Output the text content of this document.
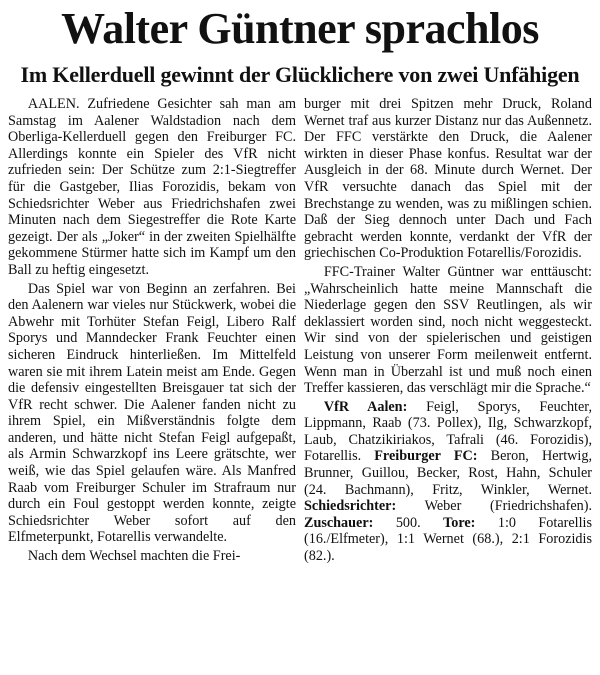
Walter Güntner sprachlos
Im Kellerduell gewinnt der Glücklichere von zwei Unfähigen

AALEN. Zufriedene Gesichter sah man am Samstag im Aalener Waldstadion nach dem Oberliga-Kellerduell gegen den Freiburger FC. Allerdings konnte ein Spieler des VfR nicht zufrieden sein: Der Schütze zum 2:1-Siegtreffer für die Gastgeber, Ilias Forozidis, bekam von Schiedsrichter Weber aus Friedrichshafen zwei Minuten nach dem Siegestreffer die Rote Karte gezeigt. Der als „Joker“ in der zweiten Spielhälfte gekommene Stürmer hatte sich im Kampf um den Ball zu heftig eingesetzt.

Das Spiel war von Beginn an zerfahren. Bei den Aalenern war vieles nur Stückwerk, wobei die Abwehr mit Torhüter Stefan Feigl, Libero Ralf Sporys und Manndecker Frank Feuchter einen sicheren Eindruck hinterließen. Im Mittelfeld waren sie mit ihrem Latein meist am Ende. Gegen die defensiv eingestellten Breisgauer tat sich der VfR recht schwer. Die Aalener fanden nicht zu ihrem Spiel, ein Mißverständnis folgte dem anderen, und hätte nicht Stefan Feigl aufgepaßt, als Armin Schwarzkopf ins Leere grätschte, wer weiß, wie das Spiel gelaufen wäre. Als Manfred Raab vom Freiburger Schuler im Strafraum nur durch ein Foul gestoppt werden konnte, zeigte Schiedsrichter Weber sofort auf den Elfmeterpunkt, Fotarellis verwandelte.

Nach dem Wechsel machten die Frei-

burger mit drei Spitzen mehr Druck, Roland Wernet traf aus kurzer Distanz nur das Außennetz. Der FFC verstärkte den Druck, die Aalener wirkten in dieser Phase konfus. Resultat war der Ausgleich in der 68. Minute durch Wernet. Der VfR versuchte danach das Spiel mit der Brechstange zu wenden, was zu mißlingen schien. Daß der Sieg dennoch unter Dach und Fach gebracht werden konnte, verdankt der VfR der griechischen Co-Produktion Fotarellis/Forozidis.

FFC-Trainer Walter Güntner war enttäuscht: „Wahrscheinlich hatte meine Mannschaft die Niederlage gegen den SSV Reutlingen, als wir deklassiert worden sind, noch nicht weggesteckt. Wir sind von der spielerischen und geistigen Leistung von unserer Form meilenweit entfernt. Wenn man in Überzahl ist und muß noch einen Treffer kassieren, das verschlägt mir die Sprache.“

VfR Aalen: Feigl, Sporys, Feuchter, Lippmann, Raab (73. Pollex), Ilg, Schwarzkopf, Laub, Chatzikiriakos, Tafrali (46. Forozidis), Fotarellis. Freiburger FC: Beron, Hertwig, Brunner, Guillou, Becker, Rost, Hahn, Schuler (24. Bachmann), Fritz, Winkler, Wernet. Schiedsrichter: Weber (Friedrichshafen). Zuschauer: 500. Tore: 1:0 Fotarellis (16./Elfmeter), 1:1 Wernet (68.), 2:1 Forozidis (82.).
